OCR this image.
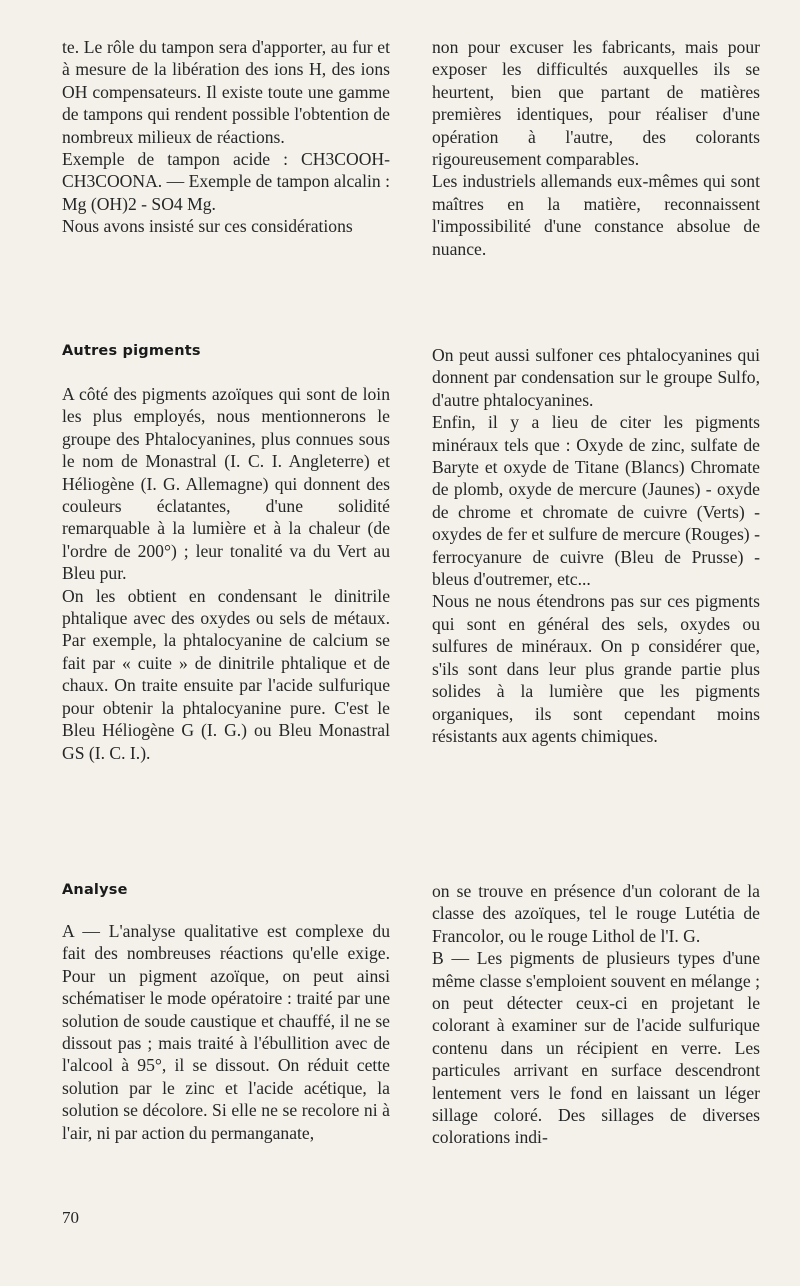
te. Le rôle du tampon sera d'apporter, au fur et à mesure de la libération des ions H, des ions OH compensateurs. Il existe toute une gamme de tampons qui rendent possible l'obtention de nombreux milieux de réactions.

Exemple de tampon acide : CH3COOH-CH3COONA. — Exemple de tampon alcalin : Mg (OH)2 - SO4 Mg.

Nous avons insisté sur ces considérations

Autres pigments

A côté des pigments azoïques qui sont de loin les plus employés, nous mentionnerons le groupe des Phtalocyanines, plus connues sous le nom de Monastral (I. C. I. Angleterre) et Héliogène (I. G. Allemagne) qui donnent des couleurs éclatantes, d'une solidité remarquable à la lumière et à la chaleur (de l'ordre de 200°) ; leur tonalité va du Vert au Bleu pur.

On les obtient en condensant le dinitrile phtalique avec des oxydes ou sels de métaux. Par exemple, la phtalocyanine de calcium se fait par « cuite » de dinitrile phtalique et de chaux. On traite ensuite par l'acide sulfurique pour obtenir la phtalocyanine pure. C'est le Bleu Héliogène G (I. G.) ou Bleu Monastral GS (I. C. I.).

Analyse

A — L'analyse qualitative est complexe du fait des nombreuses réactions qu'elle exige. Pour un pigment azoïque, on peut ainsi schématiser le mode opératoire : traité par une solution de soude caustique et chauffé, il ne se dissout pas ; mais traité à l'ébullition avec de l'alcool à 95°, il se dissout. On réduit cette solution par le zinc et l'acide acétique, la solution se décolore. Si elle ne se recolore ni à l'air, ni par action du permanganate,

non pour excuser les fabricants, mais pour exposer les difficultés auxquelles ils se heurtent, bien que partant de matières premières identiques, pour réaliser d'une opération à l'autre, des colorants rigoureusement comparables.

Les industriels allemands eux-mêmes qui sont maîtres en la matière, reconnaissent l'impossibilité d'une constance absolue de nuance.

On peut aussi sulfoner ces phtalocyanines qui donnent par condensation sur le groupe Sulfo, d'autre phtalocyanines.

Enfin, il y a lieu de citer les pigments minéraux tels que : Oxyde de zinc, sulfate de Baryte et oxyde de Titane (Blancs) Chromate de plomb, oxyde de mercure (Jaunes) - oxyde de chrome et chromate de cuivre (Verts) - oxydes de fer et sulfure de mercure (Rouges) - ferrocyanure de cuivre (Bleu de Prusse) - bleus d'outremer, etc...

Nous ne nous étendrons pas sur ces pigments qui sont en général des sels, oxydes ou sulfures de minéraux. On p considérer que, s'ils sont dans leur plus grande partie plus solides à la lumière que les pigments organiques, ils sont cependant moins résistants aux agents chimiques.

on se trouve en présence d'un colorant de la classe des azoïques, tel le rouge Lutétia de Francolor, ou le rouge Lithol de l'I. G.

B — Les pigments de plusieurs types d'une même classe s'emploient souvent en mélange ; on peut détecter ceux-ci en projetant le colorant à examiner sur de l'acide sulfurique contenu dans un récipient en verre. Les particules arrivant en surface descendront lentement vers le fond en laissant un léger sillage coloré. Des sillages de diverses colorations indi-

70
